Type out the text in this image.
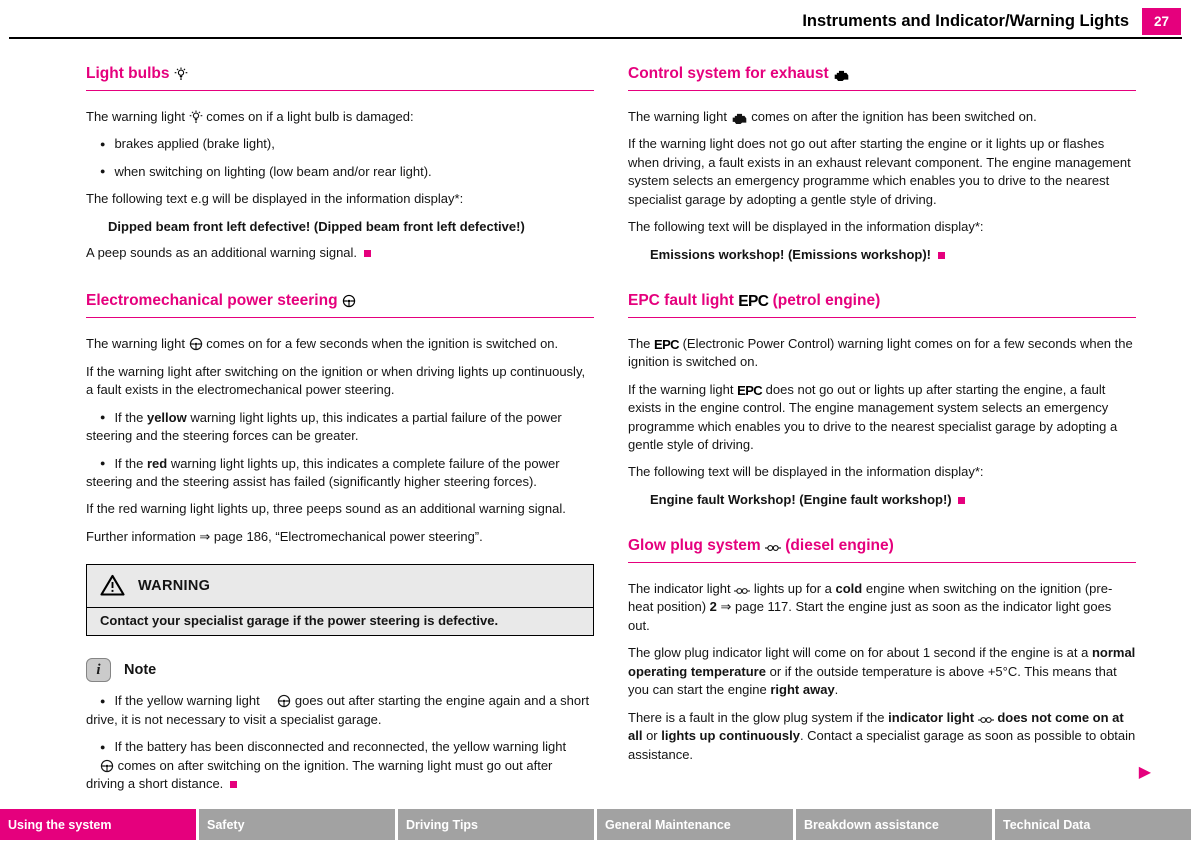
Instruments and Indicator/Warning Lights	27
Light bulbs

The warning light  comes on if a light bulb is damaged:

● brakes applied (brake light),

● when switching on lighting (low beam and/or rear light).

The following text e.g will be displayed in the information display*:

Dipped beam front left defective! (Dipped beam front left defective!)

A peep sounds as an additional warning signal.

Electromechanical power steering

The warning light  comes on for a few seconds when the ignition is switched on.

If the warning light after switching on the ignition or when driving lights up continuously, a fault exists in the electromechanical power steering.

● If the yellow warning light lights up, this indicates a partial failure of the power steering and the steering forces can be greater.

● If the red warning light lights up, this indicates a complete failure of the power steering and the steering assist has failed (significantly higher steering forces).

If the red warning light lights up, three peeps sound as an additional warning signal.

Further information ⇒ page 186, “Electromechanical power steering”.

WARNING
Contact your specialist garage if the power steering is defective.
i	Note

● If the yellow warning light  goes out after starting the engine again and a short drive, it is not necessary to visit a specialist garage.

● If the battery has been disconnected and reconnected, the yellow warning light  comes on after switching on the ignition. The warning light must go out after driving a short distance.

Control system for exhaust

The warning light  comes on after the ignition has been switched on.

If the warning light does not go out after starting the engine or it lights up or flashes when driving, a fault exists in an exhaust relevant component. The engine management system selects an emergency programme which enables you to drive to the nearest specialist garage by adopting a gentle style of driving.

The following text will be displayed in the information display*:

Emissions workshop! (Emissions workshop)!

EPC fault light EPC (petrol engine)

The EPC (Electronic Power Control) warning light comes on for a few seconds when the ignition is switched on.

If the warning light EPC does not go out or lights up after starting the engine, a fault exists in the engine control. The engine management system selects an emergency programme which enables you to drive to the nearest specialist garage by adopting a gentle style of driving.

The following text will be displayed in the information display*:

Engine fault Workshop! (Engine fault workshop!)

Glow plug system  (diesel engine)

The indicator light  lights up for a cold engine when switching on the ignition (pre-heat position) 2 ⇒ page 117. Start the engine just as soon as the indicator light goes out.

The glow plug indicator light will come on for about 1 second if the engine is at a normal operating temperature or if the outside temperature is above +5°C. This means that you can start the engine right away.

There is a fault in the glow plug system if the indicator light  does not come on at all or lights up continuously. Contact a specialist garage as soon as possible to obtain assistance.

▶
Using the system	Safety	Driving Tips	General Maintenance	Breakdown assistance	Technical Data
